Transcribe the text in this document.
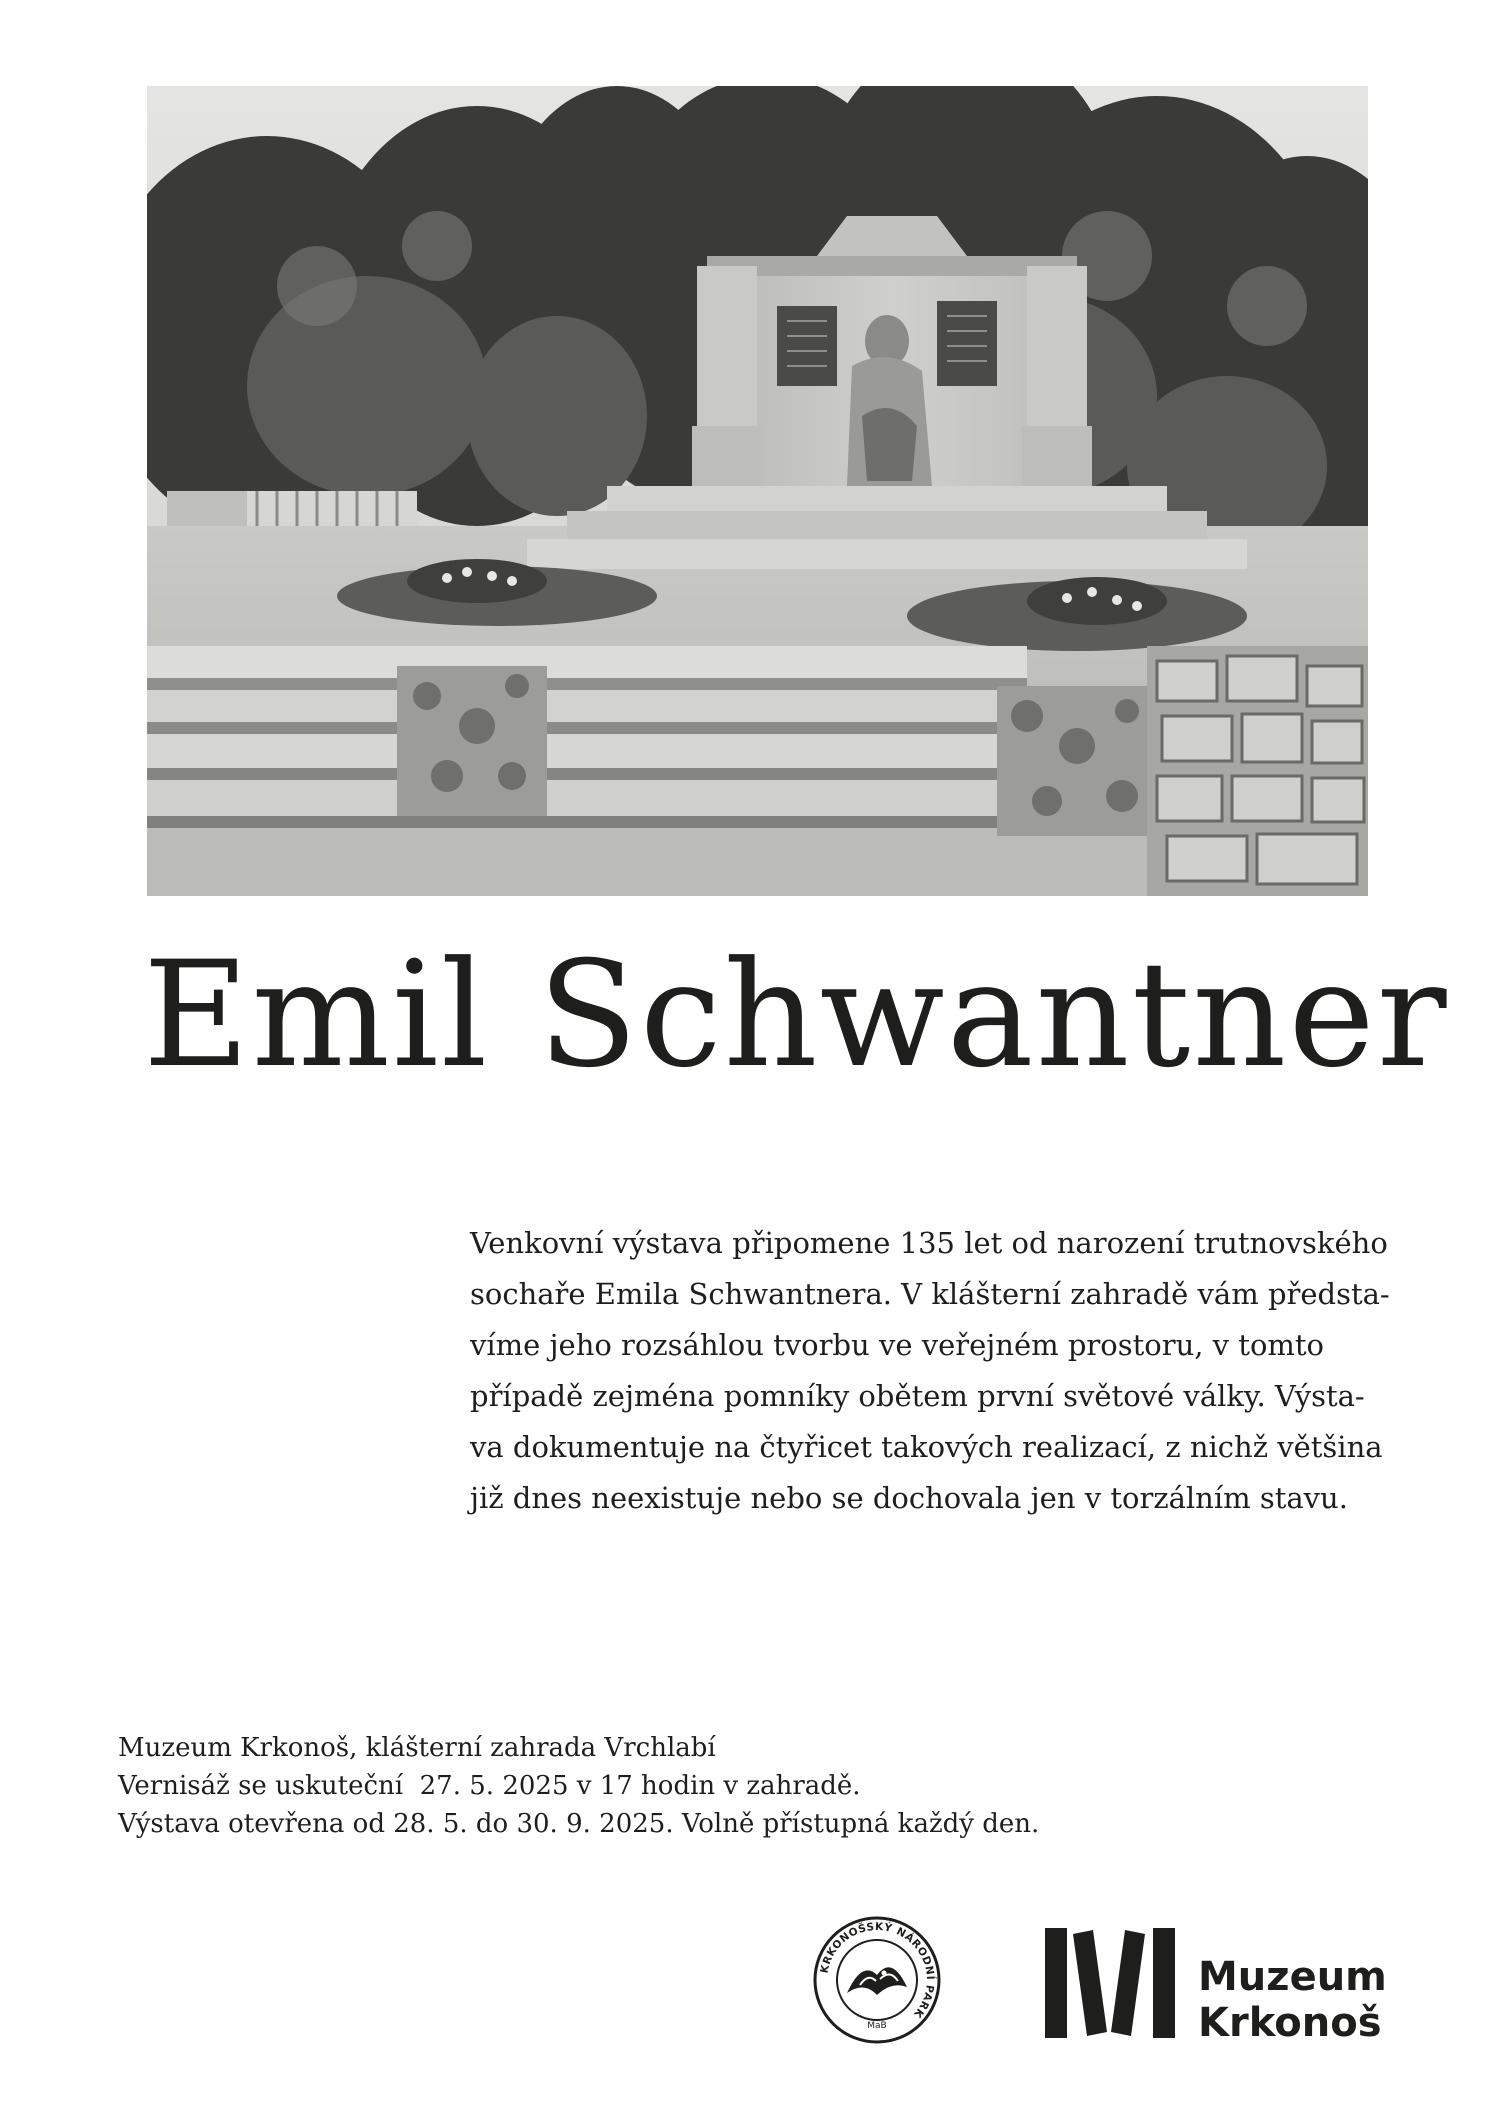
Emil Schwantner
Venkovní výstava připomene 135 let od narození trutnovského
sochaře Emila Schwantnera. V klášterní zahradě vám předsta-
víme jeho rozsáhlou tvorbu ve veřejném prostoru, v tomto
případě zejména pomníky obětem první světové války. Výsta-
va dokumentuje na čtyřicet takových realizací, z nichž většina
již dnes neexistuje nebo se dochovala jen v torzálním stavu.
Muzeum Krkonoš, klášterní zahrada Vrchlabí
Vernisáž se uskuteční  27. 5. 2025 v 17 hodin v zahradě.
Výstava otevřena od 28. 5. do 30. 9. 2025. Volně přístupná každý den.
KRKONOŠSKÝ NÁRODNÍ PARK
MaB
Muzeum
Krkonoš
